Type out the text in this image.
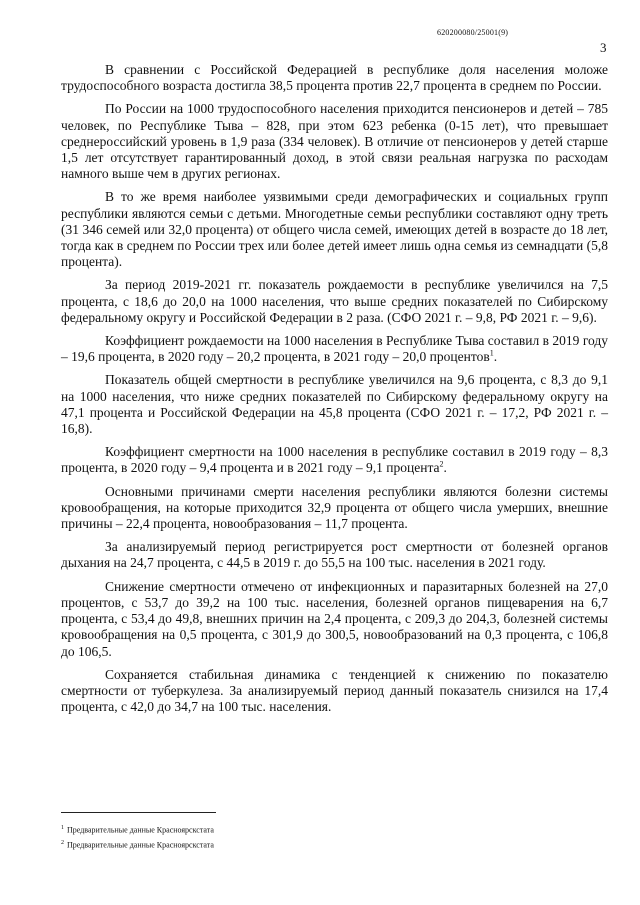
620200080/25001(9)
3

В сравнении с Российской Федерацией в республике доля населения моложе трудоспособного возраста достигла 38,5 процента против 22,7 процента в среднем по России.

По России на 1000 трудоспособного населения приходится пенсионеров и детей – 785 человек, по Республике Тыва – 828, при этом 623 ребенка (0-15 лет), что превышает среднероссийский уровень в 1,9 раза (334 человек). В отличие от пенсионеров у детей старше 1,5 лет отсутствует гарантированный доход, в этой связи реальная нагрузка по расходам намного выше чем в других регионах.

В то же время наиболее уязвимыми среди демографических и социальных групп республики являются семьи с детьми. Многодетные семьи республики составляют одну треть (31 346 семей или 32,0 процента) от общего числа семей, имеющих детей в возрасте до 18 лет, тогда как в среднем по России трех или более детей имеет лишь одна семья из семнадцати (5,8 процента).

За период 2019-2021 гг. показатель рождаемости в республике увеличился на 7,5 процента, с 18,6 до 20,0 на 1000 населения, что выше средних показателей по Сибирскому федеральному округу и Российской Федерации в 2 раза. (СФО 2021 г. – 9,8, РФ 2021 г. – 9,6).

Коэффициент рождаемости на 1000 населения в Республике Тыва составил в 2019 году – 19,6 процента, в 2020 году – 20,2 процента, в 2021 году – 20,0 процентов$^1$.

Показатель общей смертности в республике увеличился на 9,6 процента, с 8,3 до 9,1 на 1000 населения, что ниже средних показателей по Сибирскому федеральному округу на 47,1 процента и Российской Федерации на 45,8 процента (СФО 2021 г. – 17,2, РФ 2021 г. – 16,8).

Коэффициент смертности на 1000 населения в республике составил в 2019 году – 8,3 процента, в 2020 году – 9,4 процента и в 2021 году – 9,1 процента$^2$.

Основными причинами смерти населения республики являются болезни системы кровообращения, на которые приходится 32,9 процента от общего числа умерших, внешние причины – 22,4 процента, новообразования – 11,7 процента.

За анализируемый период регистрируется рост смертности от болезней органов дыхания на 24,7 процента, с 44,5 в 2019 г. до 55,5 на 100 тыс. населения в 2021 году.

Снижение смертности отмечено от инфекционных и паразитарных болезней на 27,0 процентов, с 53,7 до 39,2 на 100 тыс. населения, болезней органов пищеварения на 6,7 процента, с 53,4 до 49,8, внешних причин на 2,4 процента, с 209,3 до 204,3, болезней системы кровообращения на 0,5 процента, с 301,9 до 300,5, новообразований на 0,3 процента, с 106,8 до 106,5.

Сохраняется стабильная динамика с тенденцией к снижению по показателю смертности от туберкулеза. За анализируемый период данный показатель снизился на 17,4 процента, с 42,0 до 34,7 на 100 тыс. населения.

$^1$ Предварительные данные Красноярскстата
$^2$ Предварительные данные Красноярскстата
